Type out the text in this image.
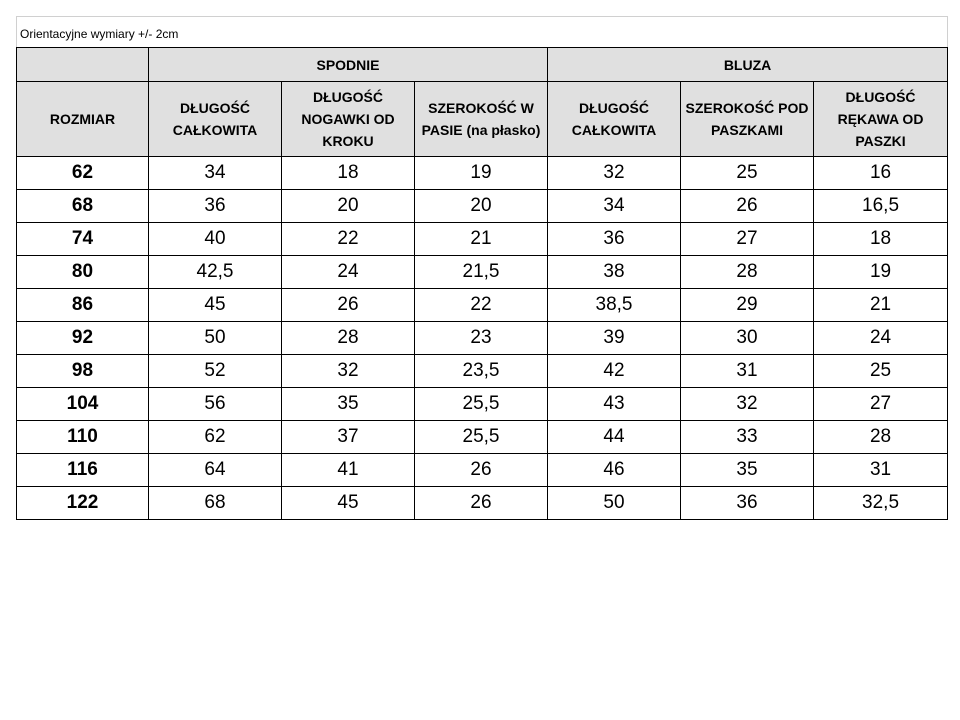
Orientacyjne wymiary +/- 2cm						
	SPODNIE			BLUZA		
ROZMIAR	DŁUGOŚĆ CAŁKOWITA	DŁUGOŚĆ NOGAWKI OD KROKU	SZEROKOŚĆ W PASIE (na płasko)	DŁUGOŚĆ CAŁKOWITA	SZEROKOŚĆ POD PASZKAMI	DŁUGOŚĆ RĘKAWA OD PASZKI
62	34	18	19	32	25	16
68	36	20	20	34	26	16,5
74	40	22	21	36	27	18
80	42,5	24	21,5	38	28	19
86	45	26	22	38,5	29	21
92	50	28	23	39	30	24
98	52	32	23,5	42	31	25
104	56	35	25,5	43	32	27
110	62	37	25,5	44	33	28
116	64	41	26	46	35	31
122	68	45	26	50	36	32,5
